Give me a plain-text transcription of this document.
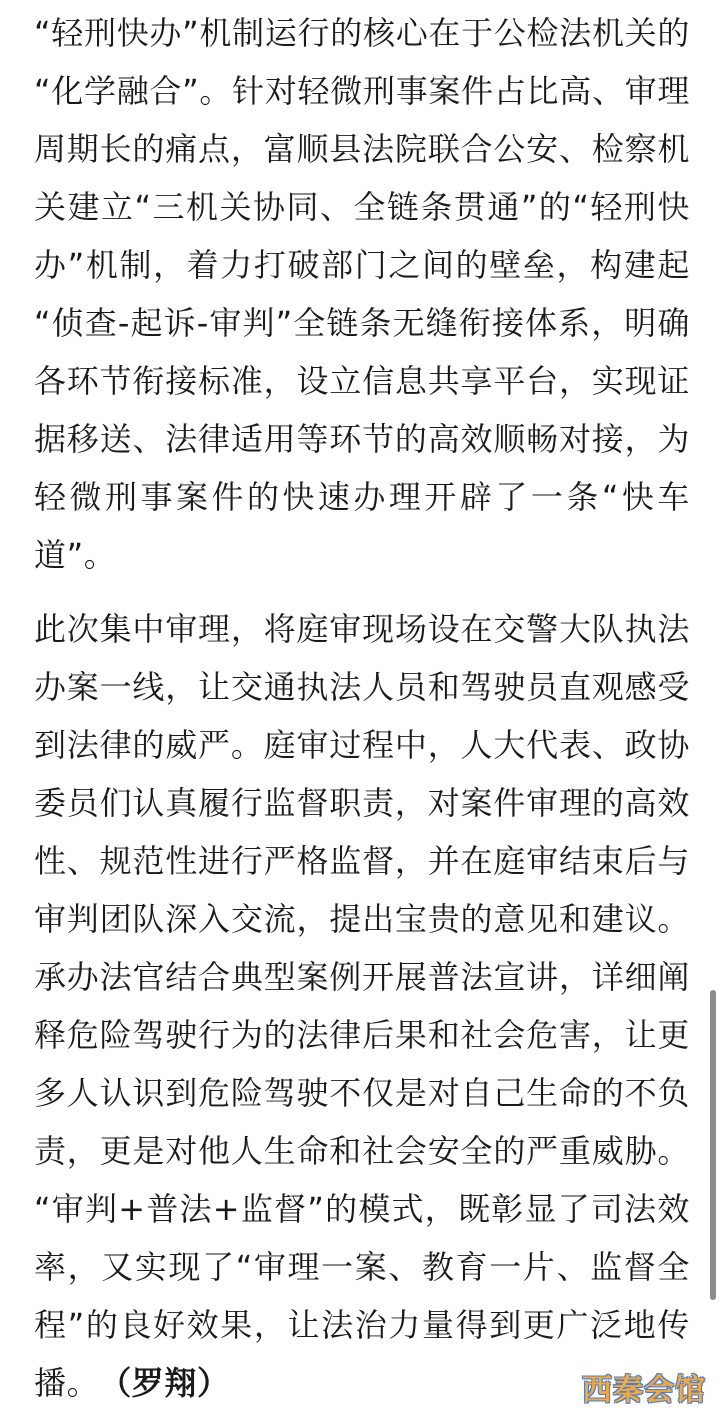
“轻刑快办”机制运行的核心在于公检法机关的
“化学融合”。针对轻微刑事案件占比高、审理
周期长的痛点，富顺县法院联合公安、检察机
关建立“三机关协同、全链条贯通”的“轻刑快
办”机制，着力打破部门之间的壁垒，构建起
“侦查-起诉-审判”全链条无缝衔接体系，明确
各环节衔接标准，设立信息共享平台，实现证
据移送、法律适用等环节的高效顺畅对接，为
轻微刑事案件的快速办理开辟了一条“快车
道”。
此次集中审理，将庭审现场设在交警大队执法
办案一线，让交通执法人员和驾驶员直观感受
到法律的威严。庭审过程中，人大代表、政协
委员们认真履行监督职责，对案件审理的高效
性、规范性进行严格监督，并在庭审结束后与
审判团队深入交流，提出宝贵的意见和建议。
承办法官结合典型案例开展普法宣讲，详细阐
释危险驾驶行为的法律后果和社会危害，让更
多人认识到危险驾驶不仅是对自己生命的不负
责，更是对他人生命和社会安全的严重威胁。
“审判+普法+监督”的模式，既彰显了司法效
率，又实现了“审理一案、教育一片、监督全
程”的良好效果，让法治力量得到更广泛地传
播。 （罗翔）	西秦会馆
